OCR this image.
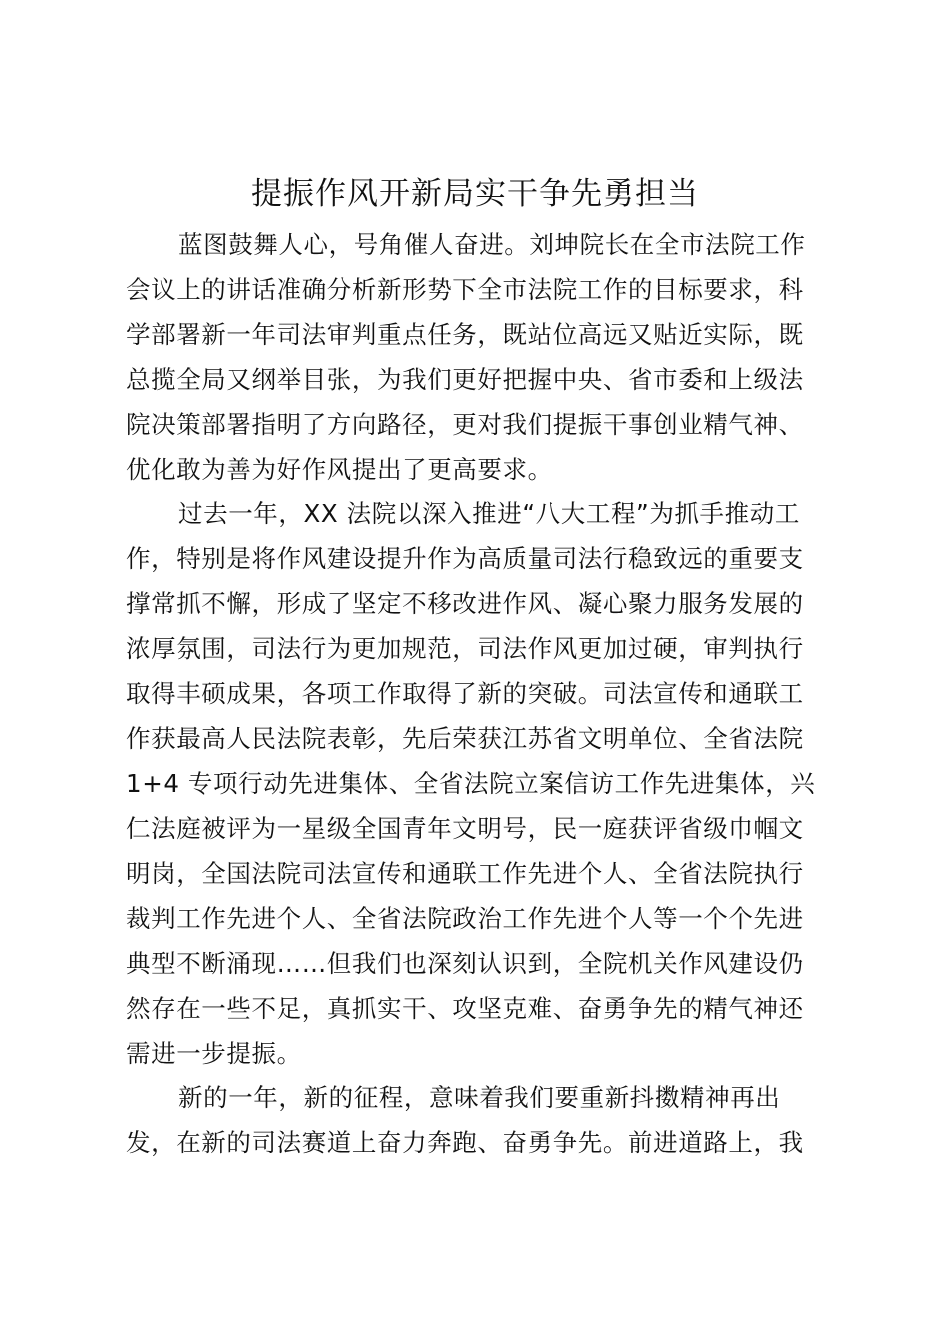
提振作风开新局实干争先勇担当

蓝图鼓舞人心，号角催人奋进。刘坤院长在全市法院工作

会议上的讲话准确分析新形势下全市法院工作的目标要求，科

学部署新一年司法审判重点任务，既站位高远又贴近实际，既

总揽全局又纲举目张，为我们更好把握中央、省市委和上级法

院决策部署指明了方向路径，更对我们提振干事创业精气神、

优化敢为善为好作风提出了更高要求。

过去一年，XX 法院以深入推进“八大工程”为抓手推动工

作，特别是将作风建设提升作为高质量司法行稳致远的重要支

撑常抓不懈，形成了坚定不移改进作风、凝心聚力服务发展的

浓厚氛围，司法行为更加规范，司法作风更加过硬，审判执行

取得丰硕成果，各项工作取得了新的突破。司法宣传和通联工

作获最高人民法院表彰，先后荣获江苏省文明单位、全省法院

1+4 专项行动先进集体、全省法院立案信访工作先进集体，兴

仁法庭被评为一星级全国青年文明号，民一庭获评省级巾帼文

明岗，全国法院司法宣传和通联工作先进个人、全省法院执行

裁判工作先进个人、全省法院政治工作先进个人等一个个先进

典型不断涌现……但我们也深刻认识到，全院机关作风建设仍

然存在一些不足，真抓实干、攻坚克难、奋勇争先的精气神还

需进一步提振。

新的一年，新的征程，意味着我们要重新抖擞精神再出

发，在新的司法赛道上奋力奔跑、奋勇争先。前进道路上，我
